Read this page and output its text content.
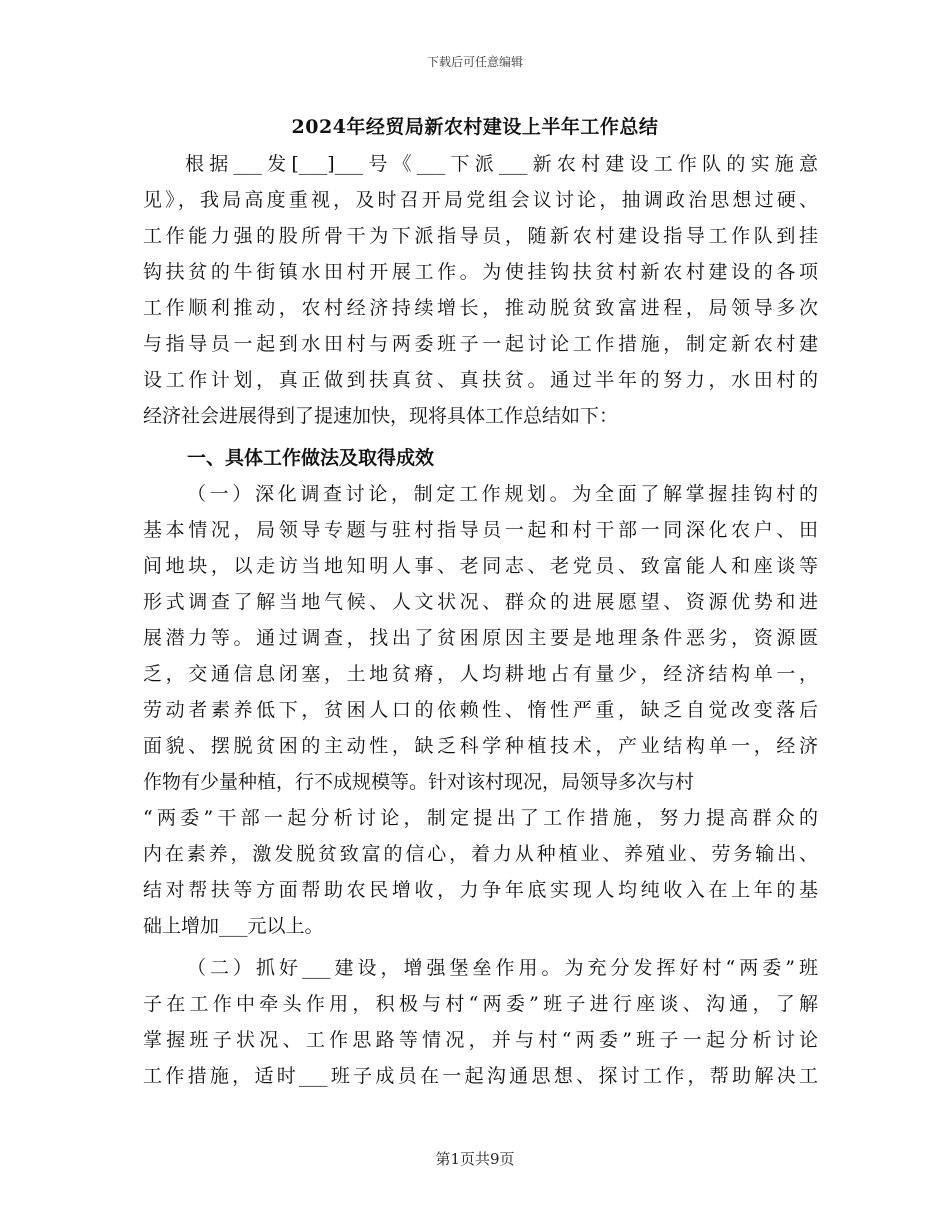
下载后可任意编辑
2024年经贸局新农村建设上半年工作总结
根据___发[___]___号《___下派___新农村建设工作队的实施意
见》，我局高度重视，及时召开局党组会议讨论，抽调政治思想过硬、
工作能力强的股所骨干为下派指导员，随新农村建设指导工作队到挂
钩扶贫的牛街镇水田村开展工作。为使挂钩扶贫村新农村建设的各项
工作顺利推动，农村经济持续增长，推动脱贫致富进程，局领导多次
与指导员一起到水田村与两委班子一起讨论工作措施，制定新农村建
设工作计划，真正做到扶真贫、真扶贫。通过半年的努力，水田村的
经济社会进展得到了提速加快，现将具体工作总结如下：
一、具体工作做法及取得成效
（一）深化调查讨论，制定工作规划。为全面了解掌握挂钩村的
基本情况，局领导专题与驻村指导员一起和村干部一同深化农户、田
间地块，以走访当地知明人事、老同志、老党员、致富能人和座谈等
形式调查了解当地气候、人文状况、群众的进展愿望、资源优势和进
展潜力等。通过调查，找出了贫困原因主要是地理条件恶劣，资源匮
乏，交通信息闭塞，土地贫瘠，人均耕地占有量少，经济结构单一，
劳动者素养低下，贫困人口的依赖性、惰性严重，缺乏自觉改变落后
面貌、摆脱贫困的主动性，缺乏科学种植技术，产业结构单一，经济
作物有少量种植，行不成规模等。针对该村现况，局领导多次与村
“两委”干部一起分析讨论，制定提出了工作措施，努力提高群众的
内在素养，激发脱贫致富的信心，着力从种植业、养殖业、劳务输出、
结对帮扶等方面帮助农民增收，力争年底实现人均纯收入在上年的基
础上增加___元以上。
（二）抓好___建设，增强堡垒作用。为充分发挥好村“两委”班
子在工作中牵头作用，积极与村“两委”班子进行座谈、沟通，了解
掌握班子状况、工作思路等情况，并与村“两委”班子一起分析讨论
工作措施，适时___班子成员在一起沟通思想、探讨工作，帮助解决工
第1页共9页
